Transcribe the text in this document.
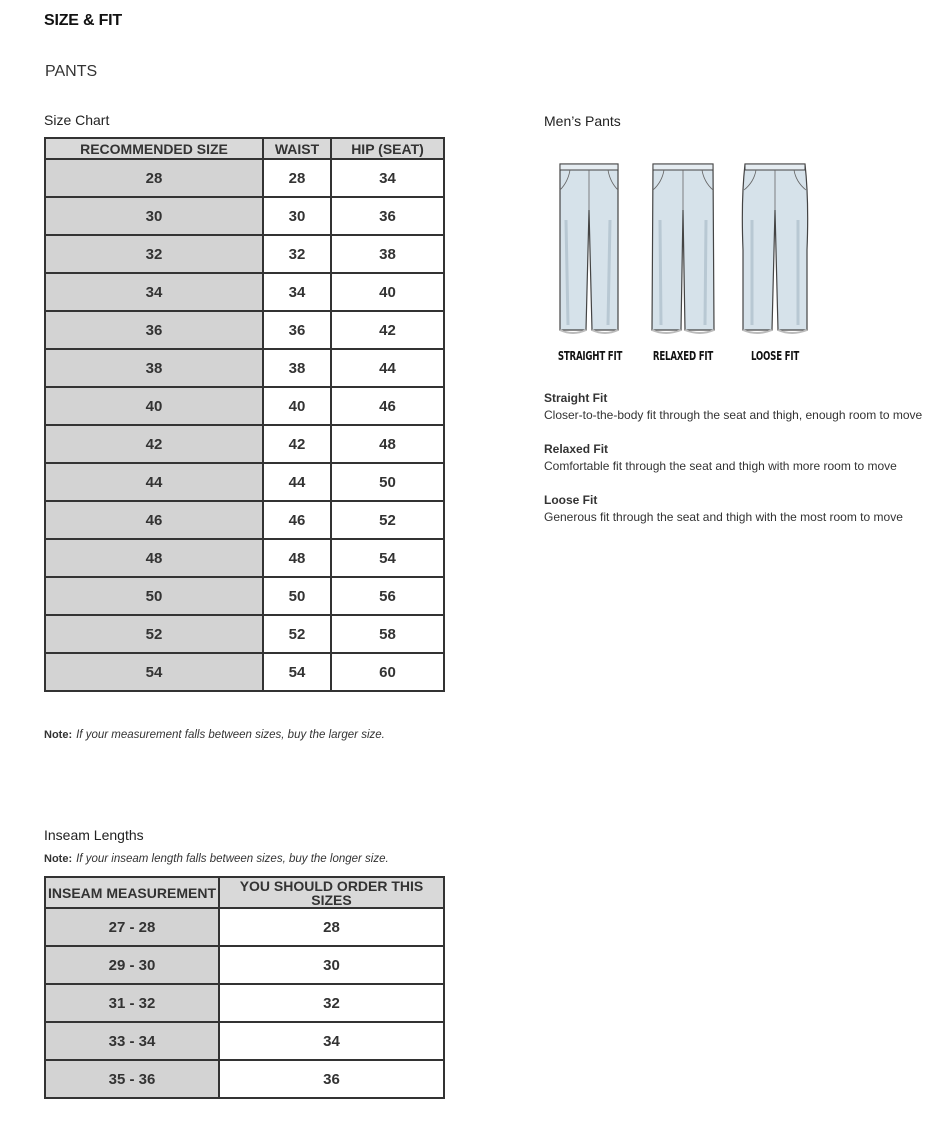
SIZE & FIT
PANTS
Size Chart
RECOMMENDED SIZE	WAIST	HIP (SEAT)
28	28	34
30	30	36
32	32	38
34	34	40
36	36	42
38	38	44
40	40	46
42	42	48
44	44	50
46	46	52
48	48	54
50	50	56
52	52	58
54	54	60
Note: If your measurement falls between sizes, buy the larger size.
Inseam Lengths
Note: If your inseam length falls between sizes, buy the longer size.
INSEAM MEASUREMENT	YOU SHOULD ORDER THIS SIZES
27 - 28	28
29 - 30	30
31 - 32	32
33 - 34	34
35 - 36	36
Men’s Pants
STRAIGHT FIT	RELAXED FIT	LOOSE FIT
Straight Fit
Closer-to-the-body fit through the seat and thigh, enough room to move
Relaxed Fit
Comfortable fit through the seat and thigh with more room to move
Loose Fit
Generous fit through the seat and thigh with the most room to move
